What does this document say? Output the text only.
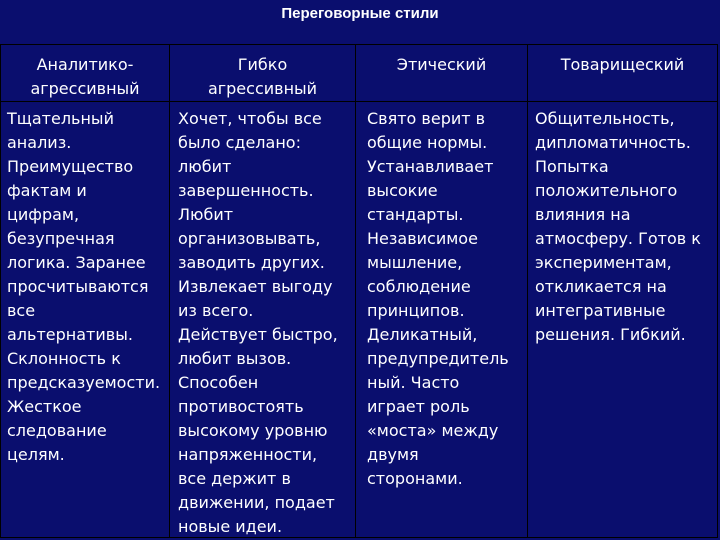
Переговорные стили
Аналитико-
агрессивный
Гибко
агрессивный
Этический	Товарищеский
Тщательный
анализ.
Преимущество
фактам и
цифрам,
безупречная
логика. Заранее
просчитываются
все
альтернативы.
Склонность к
предсказуемости.
Жесткое
следование
целям.
Хочет, чтобы все
было сделано:
любит
завершенность.
Любит
организовывать,
заводить других.
Извлекает выгоду
из всего.
Действует быстро,
любит вызов.
Способен
противостоять
высокому уровню
напряженности,
все держит в
движении, подает
новые идеи.
Свято верит в
общие нормы.
Устанавливает
высокие
стандарты.
Независимое
мышление,
соблюдение
принципов.
Деликатный,
предупредитель
ный. Часто
играет роль
«моста» между
двумя
сторонами.
Общительность,
дипломатичность.
Попытка
положительного
влияния на
атмосферу. Готов к
экспериментам,
откликается на
интегративные
решения. Гибкий.
